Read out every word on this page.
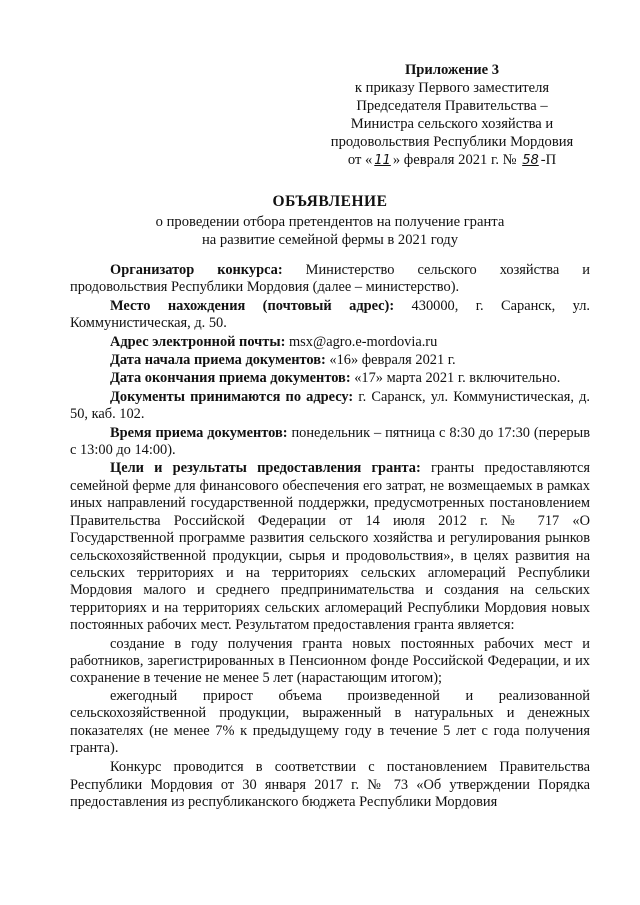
Приложение 3
к приказу Первого заместителя
Председателя Правительства –
Министра сельского хозяйства и
продовольствия Республики Мордовия
от « 11 » февраля 2021 г. № 58 -П
ОБЪЯВЛЕНИЕ
о проведении отбора претендентов на получение гранта
на развитие семейной фермы в 2021 году

Организатор конкурса: Министерство сельского хозяйства и продовольствия Республики Мордовия (далее – министерство).

Место нахождения (почтовый адрес): 430000, г. Саранск, ул. Коммунистическая, д. 50.

Адрес электронной почты: msx@agro.e-mordovia.ru

Дата начала приема документов: «16» февраля 2021 г.

Дата окончания приема документов: «17» марта 2021 г. включительно.

Документы принимаются по адресу: г. Саранск, ул. Коммунистическая, д. 50, каб. 102.

Время приема документов: понедельник – пятница с 8:30 до 17:30 (перерыв с 13:00 до 14:00).

Цели и результаты предоставления гранта: гранты предоставляются семейной ферме для финансового обеспечения его затрат, не возмещаемых в рамках иных направлений государственной поддержки, предусмотренных постановлением Правительства Российской Федерации от 14 июля 2012 г. № 717 «О Государственной программе развития сельского хозяйства и регулирования рынков сельскохозяйственной продукции, сырья и продовольствия», в целях развития на сельских территориях и на территориях сельских агломераций Республики Мордовия малого и среднего предпринимательства и создания на сельских территориях и на территориях сельских агломераций Республики Мордовия новых постоянных рабочих мест. Результатом предоставления гранта является:

создание в году получения гранта новых постоянных рабочих мест и работников, зарегистрированных в Пенсионном фонде Российской Федерации, и их сохранение в течение не менее 5 лет (нарастающим итогом);

ежегодный прирост объема произведенной и реализованной сельскохозяйственной продукции, выраженный в натуральных и денежных показателях (не менее 7% к предыдущему году в течение 5 лет с года получения гранта).

Конкурс проводится в соответствии с постановлением Правительства Республики Мордовия от 30 января 2017 г. № 73 «Об утверждении Порядка предоставления из республиканского бюджета Республики Мордовия
